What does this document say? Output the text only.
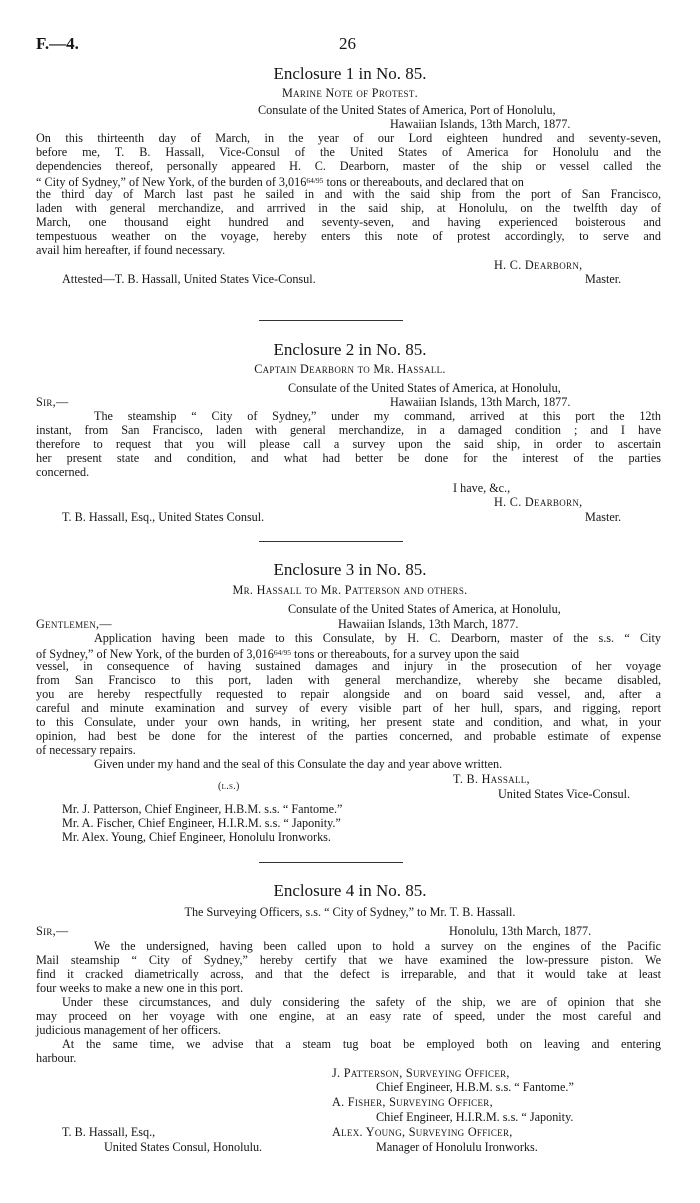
F.—4.	26
Enclosure 1 in No. 85.
Marine Note of Protest.
Consulate of the United States of America, Port of Honolulu,
Hawaiian Islands, 13th March, 1877.
On this thirteenth day of March, in the year of our Lord eighteen hundred and seventy-seven,
before me, T. B. Hassall, Vice-Consul of the United States of America for Honolulu and the
dependencies thereof, personally appeared H. C. Dearborn, master of the ship or vessel called the
“ City of Sydney,” of New York, of the burden of $3,016^{64/95}$ tons or thereabouts, and declared that on
the third day of March last past he sailed in and with the said ship from the port of San Francisco,
laden with general merchandize, and arrrived in the said ship, at Honolulu, on the twelfth day of
March, one thousand eight hundred and seventy-seven, and having experienced boisterous and
tempestuous weather on the voyage, hereby enters this note of protest accordingly, to serve and
avail him hereafter, if found necessary.
H. C. Dearborn,
Master.
Attested—T. B. Hassall, United States Vice-Consul.
Enclosure 2 in No. 85.
Captain Dearborn to Mr. Hassall.
Consulate of the United States of America, at Honolulu,
Sir,—	Hawaiian Islands, 13th March, 1877.
The steamship “ City of Sydney,” under my command, arrived at this port the 12th
instant, from San Francisco, laden with general merchandize, in a damaged condition ; and I have
therefore to request that you will please call a survey upon the said ship, in order to ascertain
her present state and condition, and what had better be done for the interest of the parties
concerned.
I have, &c.,
H. C. Dearborn,
Master.
T. B. Hassall, Esq., United States Consul.
Enclosure 3 in No. 85.
Mr. Hassall to Mr. Patterson and others.
Consulate of the United States of America, at Honolulu,
Gentlemen,—	Hawaiian Islands, 13th March, 1877.
Application having been made to this Consulate, by H. C. Dearborn, master of the s.s. “ City
of Sydney,” of New York, of the burden of $3,016^{64/95}$ tons or thereabouts, for a survey upon the said
vessel, in consequence of having sustained damages and injury in the prosecution of her voyage
from San Francisco to this port, laden with general merchandize, whereby she became disabled,
you are hereby respectfully requested to repair alongside and on board said vessel, and, after a
careful and minute examination and survey of every visible part of her hull, spars, and rigging, report
to this Consulate, under your own hands, in writing, her present state and condition, and what, in your
opinion, had best be done for the interest of the parties concerned, and probable estimate of expense
of necessary repairs.
Given under my hand and the seal of this Consulate the day and year above written.
T. B. Hassall,
(l.s.)
United States Vice-Consul.
Mr. J. Patterson, Chief Engineer, H.B.M. s.s. “ Fantome.”
Mr. A. Fischer, Chief Engineer, H.I.R.M. s.s. “ Japonity.”
Mr. Alex. Young, Chief Engineer, Honolulu Ironworks.
Enclosure 4 in No. 85.
The Surveying Officers, s.s. “ City of Sydney,” to Mr. T. B. Hassall.
Sir,—	Honolulu, 13th March, 1877.
We the undersigned, having been called upon to hold a survey on the engines of the Pacific
Mail steamship “ City of Sydney,” hereby certify that we have examined the low-pressure piston. We
find it cracked diametrically across, and that the defect is irreparable, and that it would take at least
four weeks to make a new one in this port.
Under these circumstances, and duly considering the safety of the ship, we are of opinion that she
may proceed on her voyage with one engine, at an easy rate of speed, under the most careful and
judicious management of her officers.
At the same time, we advise that a steam tug boat be employed both on leaving and entering
harbour.
J. Patterson, Surveying Officer,
Chief Engineer, H.B.M. s.s. “ Fantome.”
A. Fisher, Surveying Officer,
Chief Engineer, H.I.R.M. s.s. “ Japonity.
Alex. Young, Surveying Officer,
T. B. Hassall, Esq.,
Manager of Honolulu Ironworks.
United States Consul, Honolulu.
